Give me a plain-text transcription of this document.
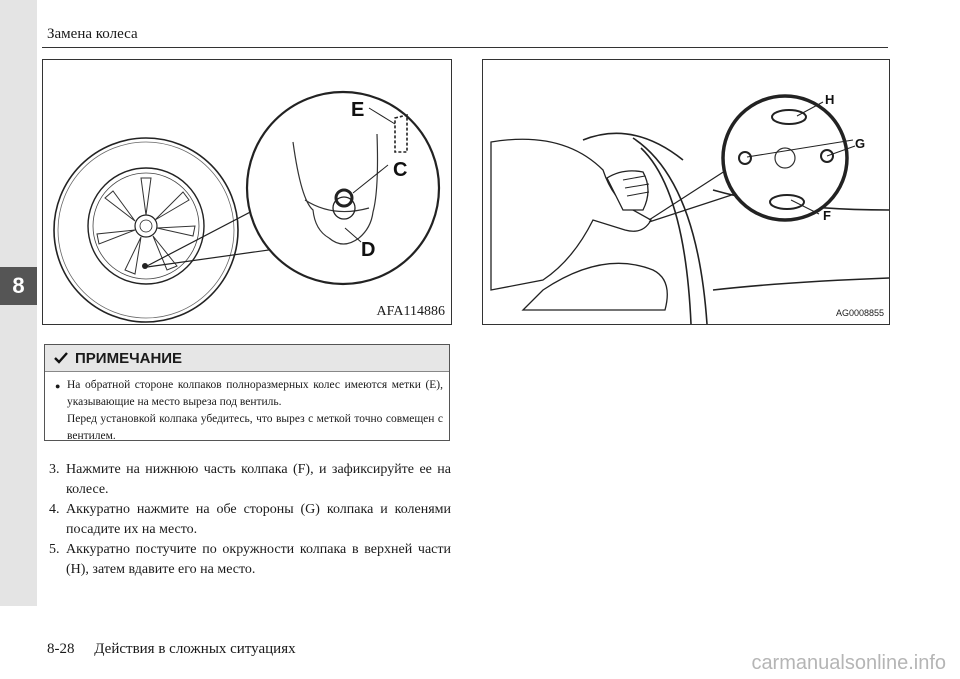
8
Замена колеса
E
C
D
AFA114886
H
G
F
AG0008855
ПРИМЕЧАНИЕ
● На обратной стороне колпаков полноразмерных колес имеются метки (E), указывающие на место выреза под вентиль.
Перед установкой колпака убедитесь, что вырез с меткой точно совмещен с вентилем.
3. Нажмите на нижнюю часть колпака (F), и зафиксируйте ее на колесе.
4. Аккуратно нажмите на обе стороны (G) колпака и коленями посадите их на место.
5. Аккуратно постучите по окружности колпака в верхней части (H), затем вдавите его на место.
8-28 Действия в сложных ситуациях
carmanualsonline.info
